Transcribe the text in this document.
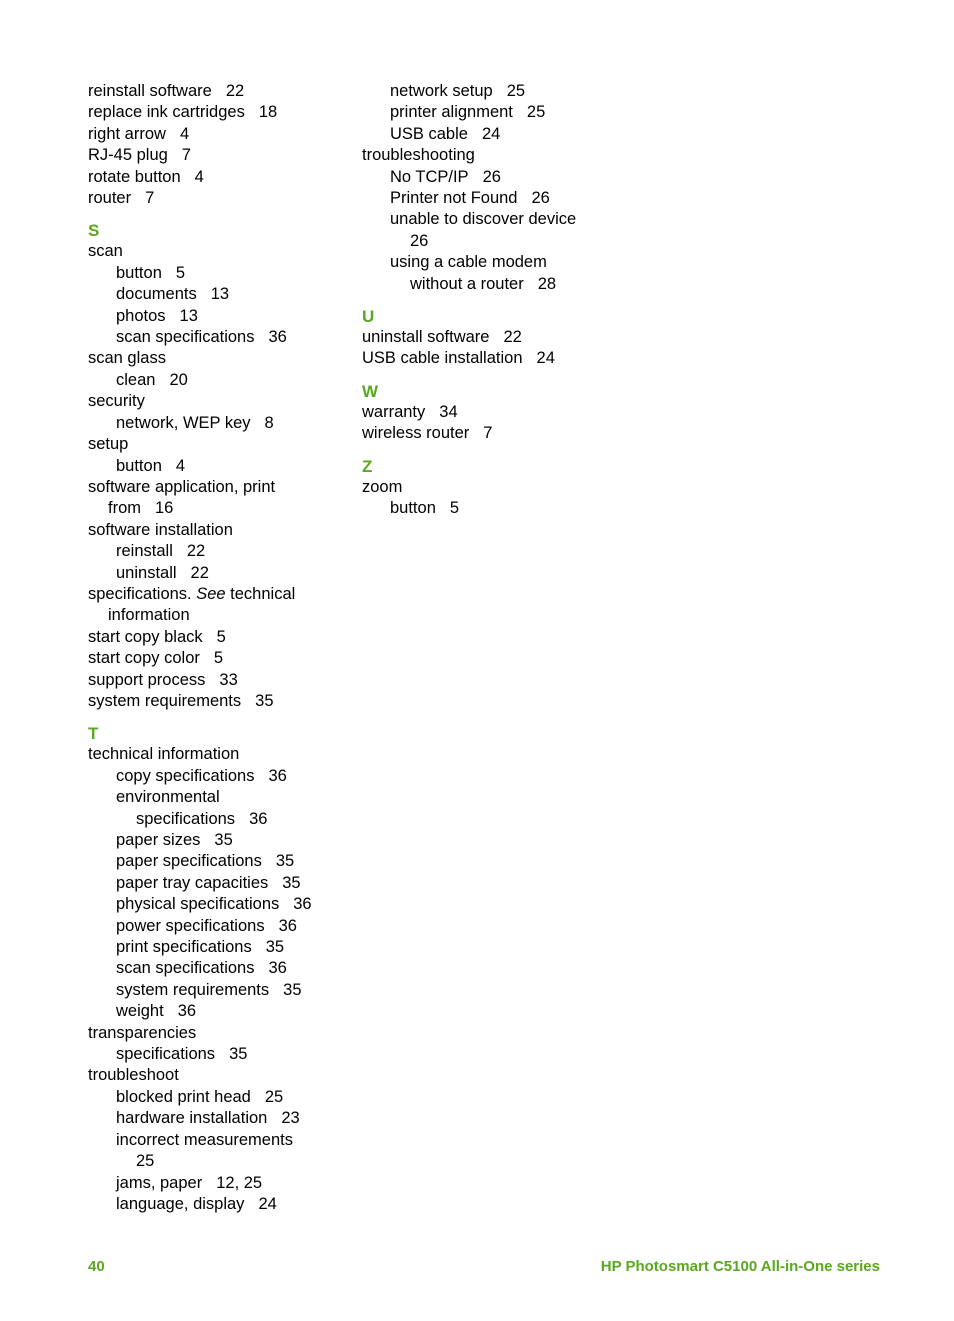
reinstall software 22
replace ink cartridges 18
right arrow 4
RJ-45 plug 7
rotate button 4
router 7
S
scan
button 5
documents 13
photos 13
scan specifications 36
scan glass
clean 20
security
network, WEP key 8
setup
button 4
software application, print
from 16
software installation
reinstall 22
uninstall 22
specifications. See technical
information
start copy black 5
start copy color 5
support process 33
system requirements 35
T
technical information
copy specifications 36
environmental
specifications 36
paper sizes 35
paper specifications 35
paper tray capacities 35
physical specifications 36
power specifications 36
print specifications 35
scan specifications 36
system requirements 35
weight 36
transparencies
specifications 35
troubleshoot
blocked print head 25
hardware installation 23
incorrect measurements
25
jams, paper 12, 25
language, display 24
network setup 25
printer alignment 25
USB cable 24
troubleshooting
No TCP/IP 26
Printer not Found 26
unable to discover device
26
using a cable modem
without a router 28
U
uninstall software 22
USB cable installation 24
W
warranty 34
wireless router 7
Z
zoom
button 5
40	HP Photosmart C5100 All-in-One series
